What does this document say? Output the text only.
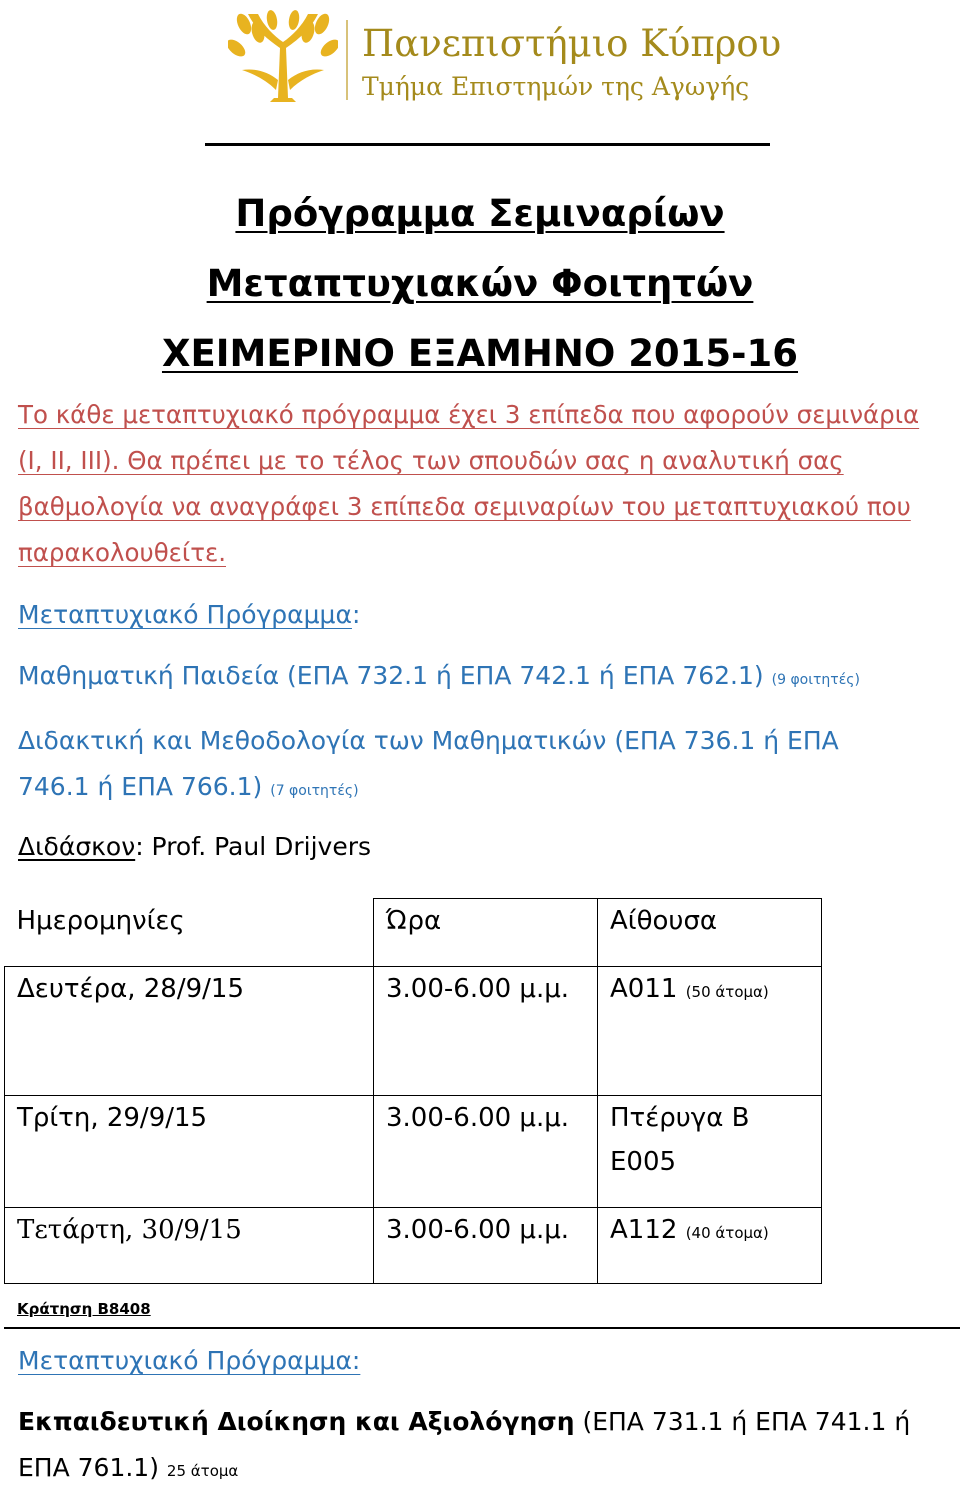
Πανεπιστήμιο Κύπρου
Τμήμα Επιστημών της Αγωγής
Πρόγραμμα Σεμιναρίων
Μεταπτυχιακών Φοιτητών
ΧΕΙΜΕΡΙΝΟ ΕΞΑΜΗΝΟ 2015-16
Το κάθε μεταπτυχιακό πρόγραμμα έχει 3 επίπεδα που αφορούν σεμινάρια (I, II, III). Θα πρέπει με το τέλος των σπουδών σας η αναλυτική σας βαθμολογία να αναγράφει 3 επίπεδα σεμιναρίων του μεταπτυχιακού που παρακολουθείτε.
Μεταπτυχιακό Πρόγραμμα:
Μαθηματική Παιδεία (ΕΠΑ 732.1 ή ΕΠΑ 742.1 ή ΕΠΑ 762.1) (9 φοιτητές)
Διδακτική και Μεθοδολογία των Μαθηματικών (ΕΠΑ 736.1 ή ΕΠΑ 746.1 ή ΕΠΑ 766.1) (7 φοιτητές)
Διδάσκον: Prof. Paul Drijvers
Ημερομηνίες	Ώρα	Αίθουσα
Δευτέρα, 28/9/15	3.00-6.00 μ.μ.	Α011 (50 άτομα)
Τρίτη, 29/9/15	3.00-6.00 μ.μ.	Πτέρυγα Β
Ε005
Τετάρτη, 30/9/15	3.00-6.00 μ.μ.	Α112 (40 άτομα)
Κράτηση Β8408
Μεταπτυχιακό Πρόγραμμα:
Εκπαιδευτική Διοίκηση και Αξιολόγηση (ΕΠΑ 731.1 ή ΕΠΑ 741.1 ή ΕΠΑ 761.1) 25 άτομα
